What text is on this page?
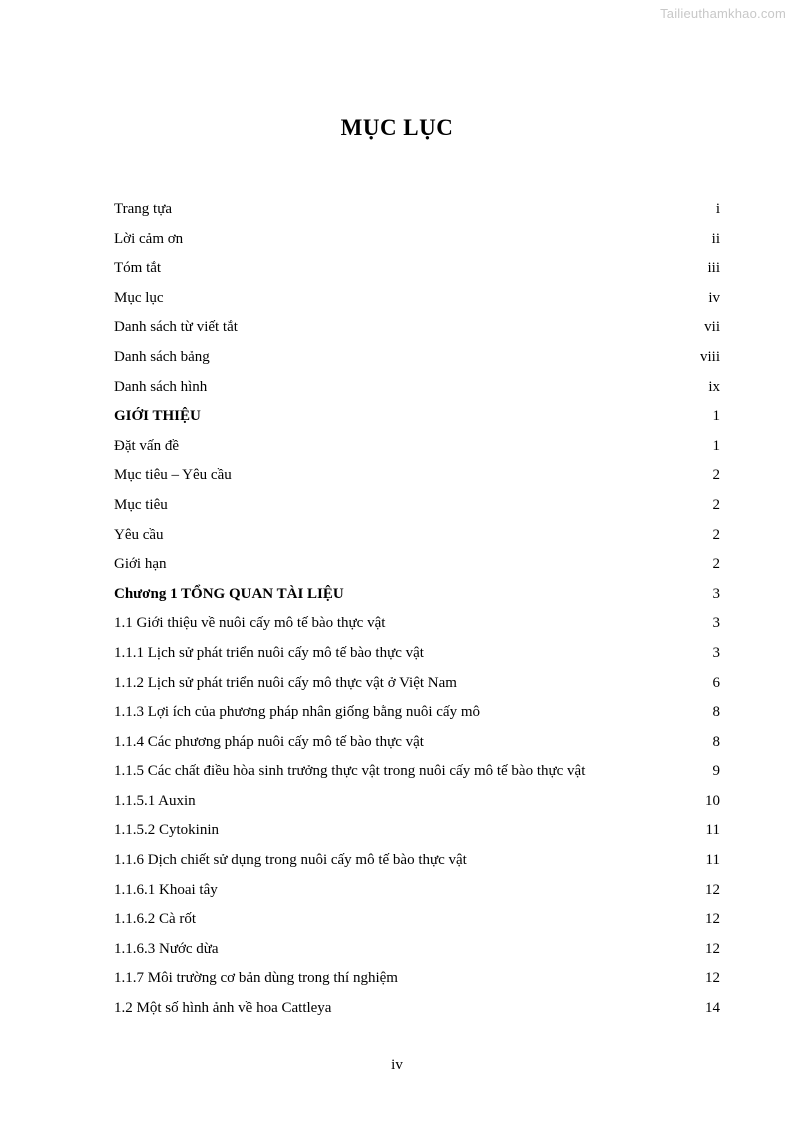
Tailieuthamkhao.com
MỤC LỤC
Trang tựa	i
Lời cảm ơn	ii
Tóm tắt	iii
Mục lục	iv
Danh sách từ viết tắt	vii
Danh sách bảng	viii
Danh sách hình	ix
GIỚI THIỆU	1
Đặt vấn đề	1
Mục tiêu – Yêu cầu	2
Mục tiêu	2
Yêu cầu	2
Giới hạn	2
Chương 1 TỔNG QUAN TÀI LIỆU	3
1.1 Giới thiệu về nuôi cấy mô tế bào thực vật	3
1.1.1 Lịch sử phát triển nuôi cấy mô tế bào thực vật	3
1.1.2 Lịch sử phát triển nuôi cấy mô thực vật ở Việt Nam	6
1.1.3 Lợi ích của phương pháp nhân giống bằng nuôi cấy mô	8
1.1.4 Các phương pháp nuôi cấy mô tế bào thực vật	8
1.1.5 Các chất điều hòa sinh trưởng thực vật trong nuôi cấy mô tế bào thực vật	9
1.1.5.1 Auxin	10
1.1.5.2 Cytokinin	11
1.1.6 Dịch chiết sử dụng trong nuôi cấy mô tế bào thực vật	11
1.1.6.1 Khoai tây	12
1.1.6.2 Cà rốt	12
1.1.6.3 Nước dừa	12
1.1.7 Môi trường cơ bản dùng trong thí nghiệm	12
1.2 Một số hình ảnh về hoa Cattleya	14
iv
